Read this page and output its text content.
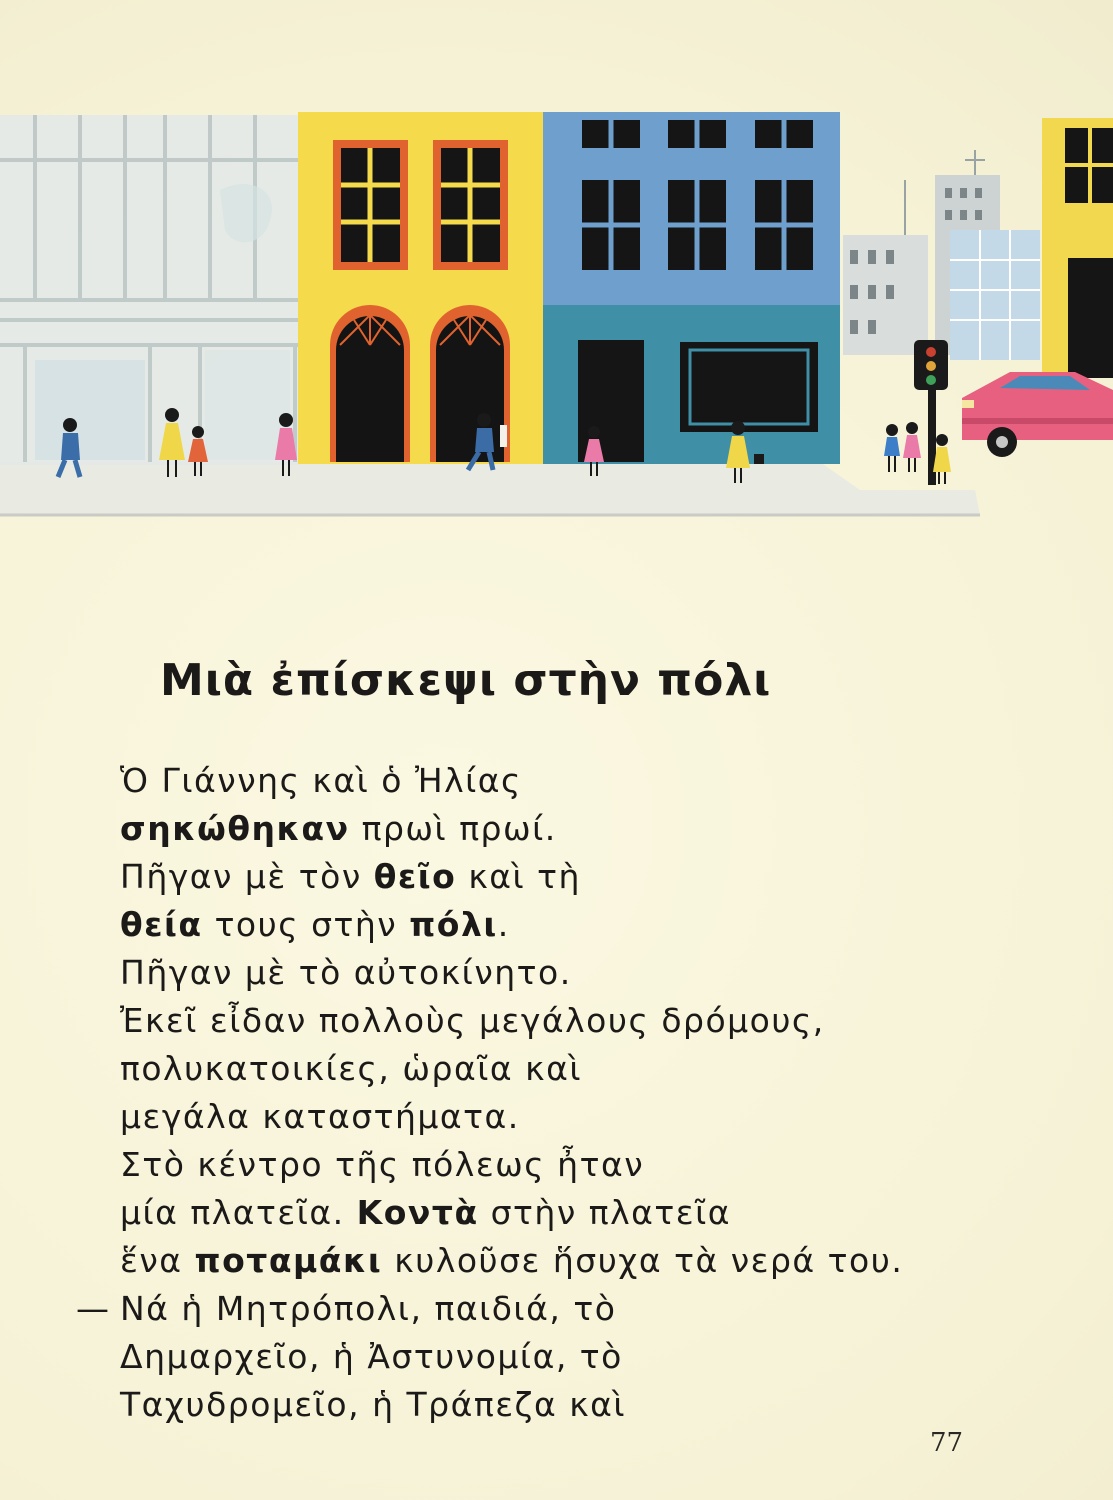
Μιὰ ἐπίσκεψι στὴν πόλι
Ὁ Γιάννης καὶ ὁ Ἠλίας
σηκώθηκαν πρωὶ πρωί.
Πῆγαν μὲ τὸν θεῖο καὶ τὴ
θεία τους στὴν πόλι.
Πῆγαν μὲ τὸ αὐτοκίνητο.
Ἐκεῖ εἶδαν πολλοὺς μεγάλους δρόμους,
πολυκατοικίες, ὡραῖα καὶ
μεγάλα καταστήματα.
Στὸ κέντρο τῆς πόλεως ἦταν
μία πλατεῖα. Κοντὰ στὴν πλατεῖα
ἕνα ποταμάκι κυλοῦσε ἥσυχα τὰ νερά του.
— Νά ἡ Μητρόπολι, παιδιά, τὸ
Δημαρχεῖο, ἡ Ἀστυνομία, τὸ
Ταχυδρομεῖο, ἡ Τράπεζα καὶ
77
